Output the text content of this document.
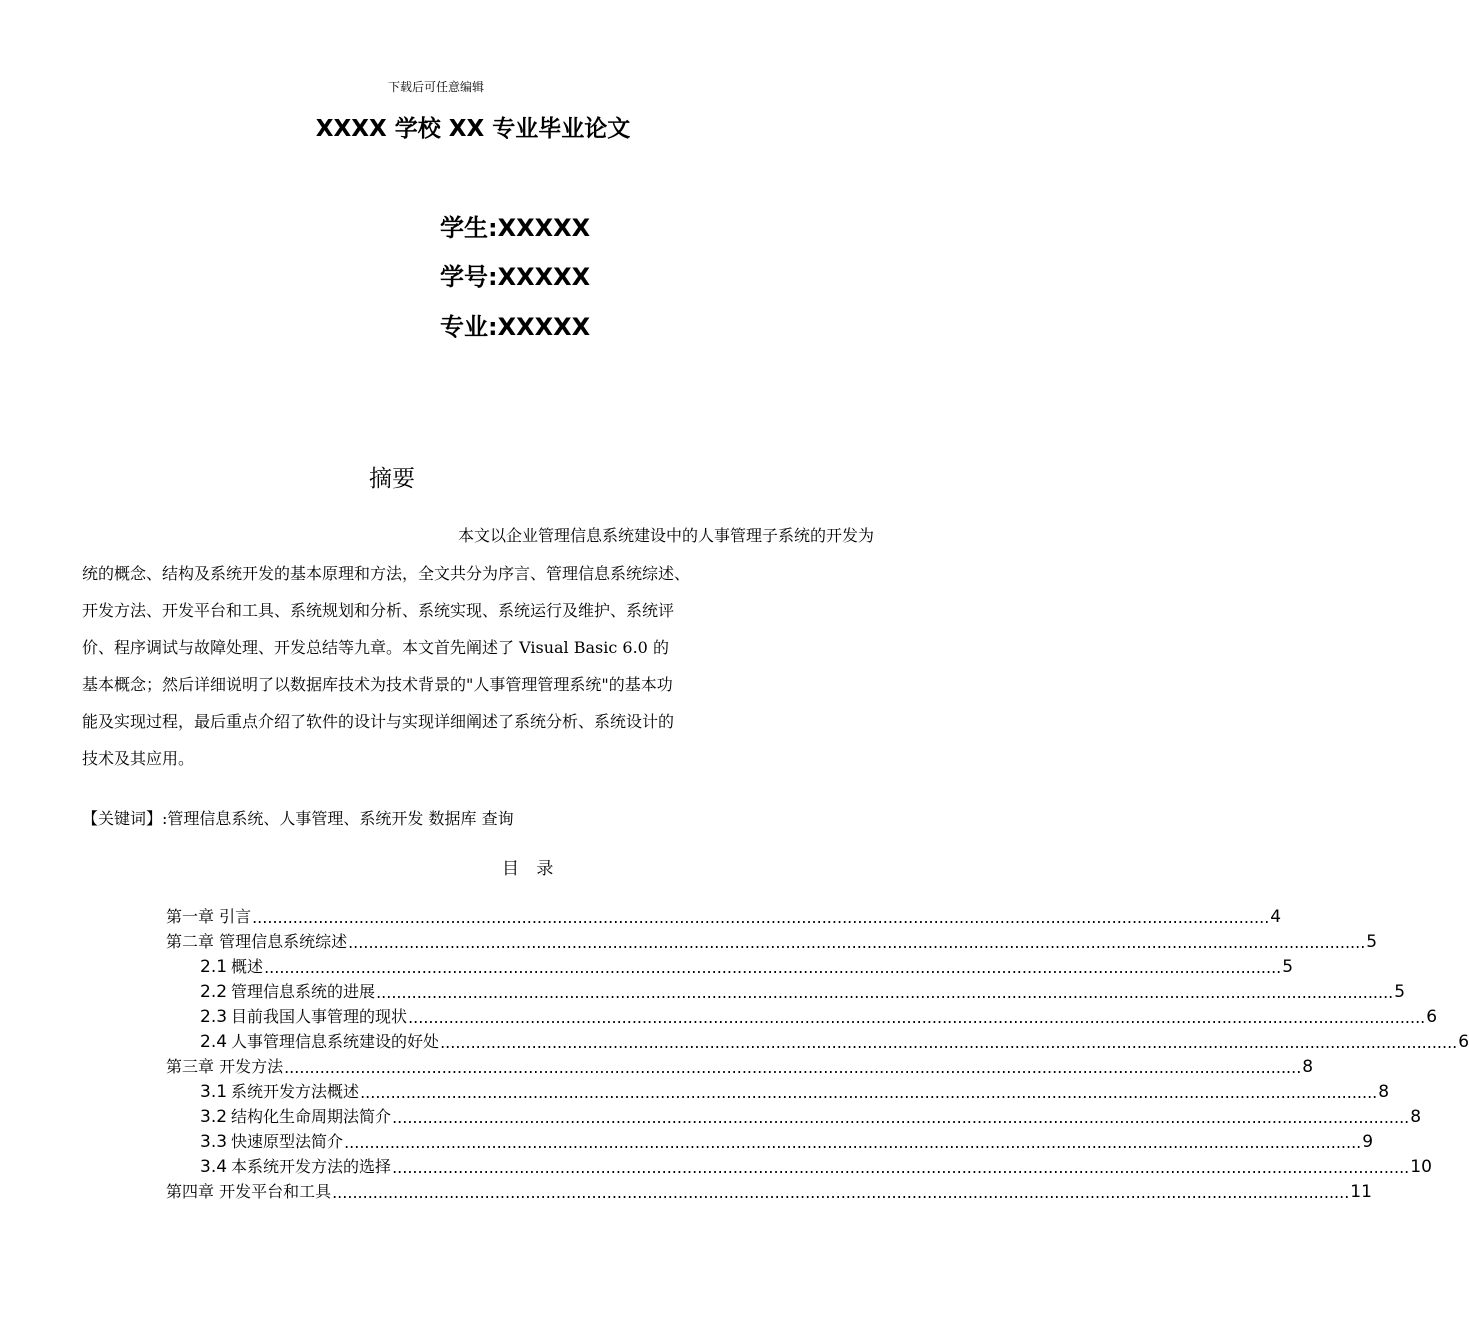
下载后可任意编辑
XXXX 学校 XX 专业毕业论文
学生:XXXXX
学号:XXXXX
专业:XXXXX
摘要
本文以企业管理信息系统建设中的人事管理子系统的开发为
统的概念、结构及系统开发的基本原理和方法，全文共分为序言、管理信息系统综述、
开发方法、开发平台和工具、系统规划和分析、系统实现、系统运行及维护、系统评
价、程序调试与故障处理、开发总结等九章。本文首先阐述了 Visual Basic 6.0 的
基本概念；然后详细说明了以数据库技术为技术背景的"人事管理管理系统"的基本功
能及实现过程，最后重点介绍了软件的设计与实现详细阐述了系统分析、系统设计的
技术及其应用。
【关键词】:管理信息系统、人事管理、系统开发 数据库 查询
目 录
第一章 引言 ........................................................................................................................................................................................................ 4
第二章 管理信息系统综述 ........................................................................................................................................................................................................ 5
2.1 概述 ........................................................................................................................................................................................................ 5
2.2 管理信息系统的进展 ........................................................................................................................................................................................................ 5
2.3 目前我国人事管理的现状 ........................................................................................................................................................................................................ 6
2.4 人事管理信息系统建设的好处 ........................................................................................................................................................................................................ 6
第三章 开发方法 ........................................................................................................................................................................................................ 8
3.1 系统开发方法概述 ........................................................................................................................................................................................................ 8
3.2 结构化生命周期法简介 ........................................................................................................................................................................................................ 8
3.3 快速原型法简介 ........................................................................................................................................................................................................ 9
3.4 本系统开发方法的选择 ........................................................................................................................................................................................................ 10
第四章 开发平台和工具 ........................................................................................................................................................................................................ 11
